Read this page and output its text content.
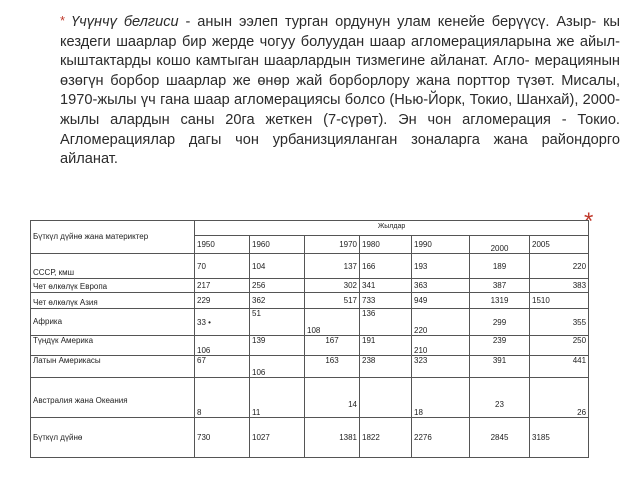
* Үчүнчү белгиси - анын ээлеп турган ордунун улам кенейе берүүсү. Азыр- кы кездеги шаарлар бир жерде чогуу болуудан шаар агломерацияларына же айыл-кыштактарды кошо камтыган шаарлардын тизмегине айланат. Агло- мерациянын өзөгүн борбор шаарлар же өнөр жай борборлору жана порттор түзөт. Мисалы, 1970-жылы үч гана шаар агломерациясы болсо (Нью-Йорк, Токио, Шанхай), 2000-жылы алардын саны 20га жеткен (7-сүрөт). Эн чон агломерация - Токио. Агломерациялар дагы чон урбанизцияланган зоналарга жана райондорго айланат.

*
Бүткүл дүйнө жана материктер	Жылдар						
	1950	1960	1970	1980	1990	2000	2005
СССР, кмш	70	104	137	166	193	189	220
Чет өлкөлүк Европа	217	256	302	341	363	387	383
Чет өлкөлүк Азия	229	362	517	733	949	1319	1510
Африка	33 •	51	108	136	220	299	355
Түндүк Америка	106	139	167	191	210	239	250
Латын Америкасы	67	106	163	238	323	391	441
Австралия жана Океания	8	11	14		18	23	26
Бүткүл дүйнө	730	1027	1381	1822	2276	2845	3185
